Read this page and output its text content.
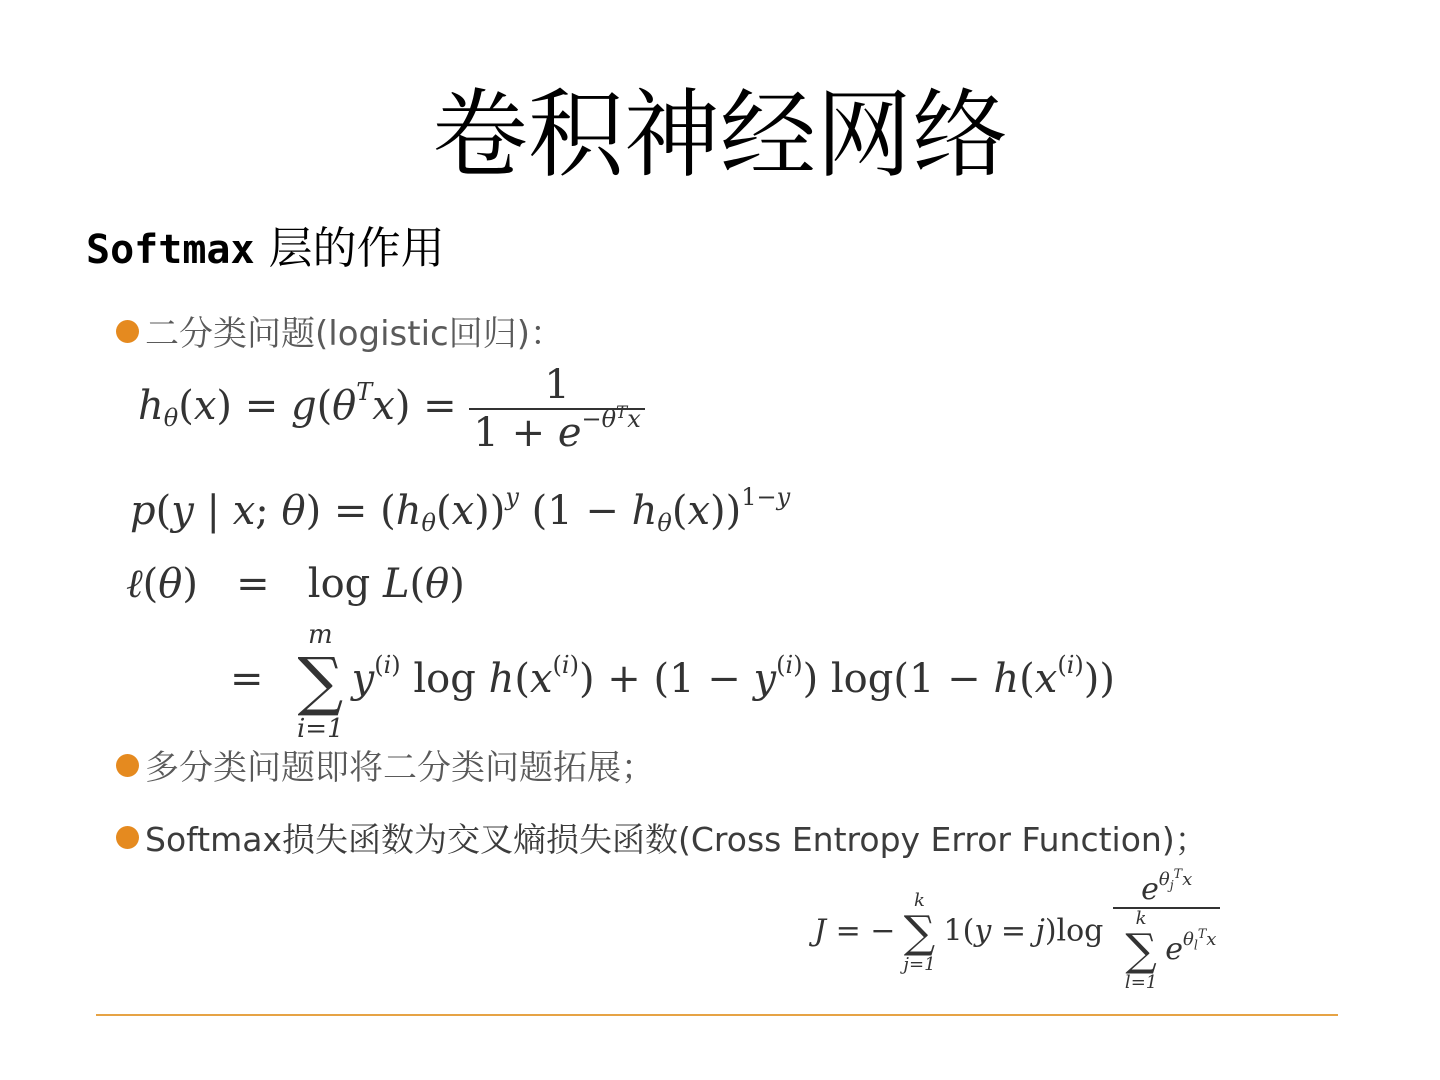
卷积神经网络
Softmax 层的作用
二分类问题(logistic回归)：
$h_\theta(x) = g(\theta^Tx) = \frac{1}{1 + e^{-\theta^Tx}}$
p(y | x; $\theta) = (h_\theta(x))^y$ $(1 - h_\theta(x))^{1-y}$
ℓ(θ)   =   log L(θ)
=
m
∑
i=1
$y^{(i)}$ $\log h(x^{(i)}) + (1 - y^{(i)}) \log(1 - h(x^{(i)}))$
多分类问题即将二分类问题拓展；
Softmax损失函数为交叉熵损失函数(Cross Entropy Error Function)；
J = −
k
∑
j=1
1(y = j)log $e^{\theta_j^Tx}$
k
∑
l=1
$e^{\theta_l^Tx}$
